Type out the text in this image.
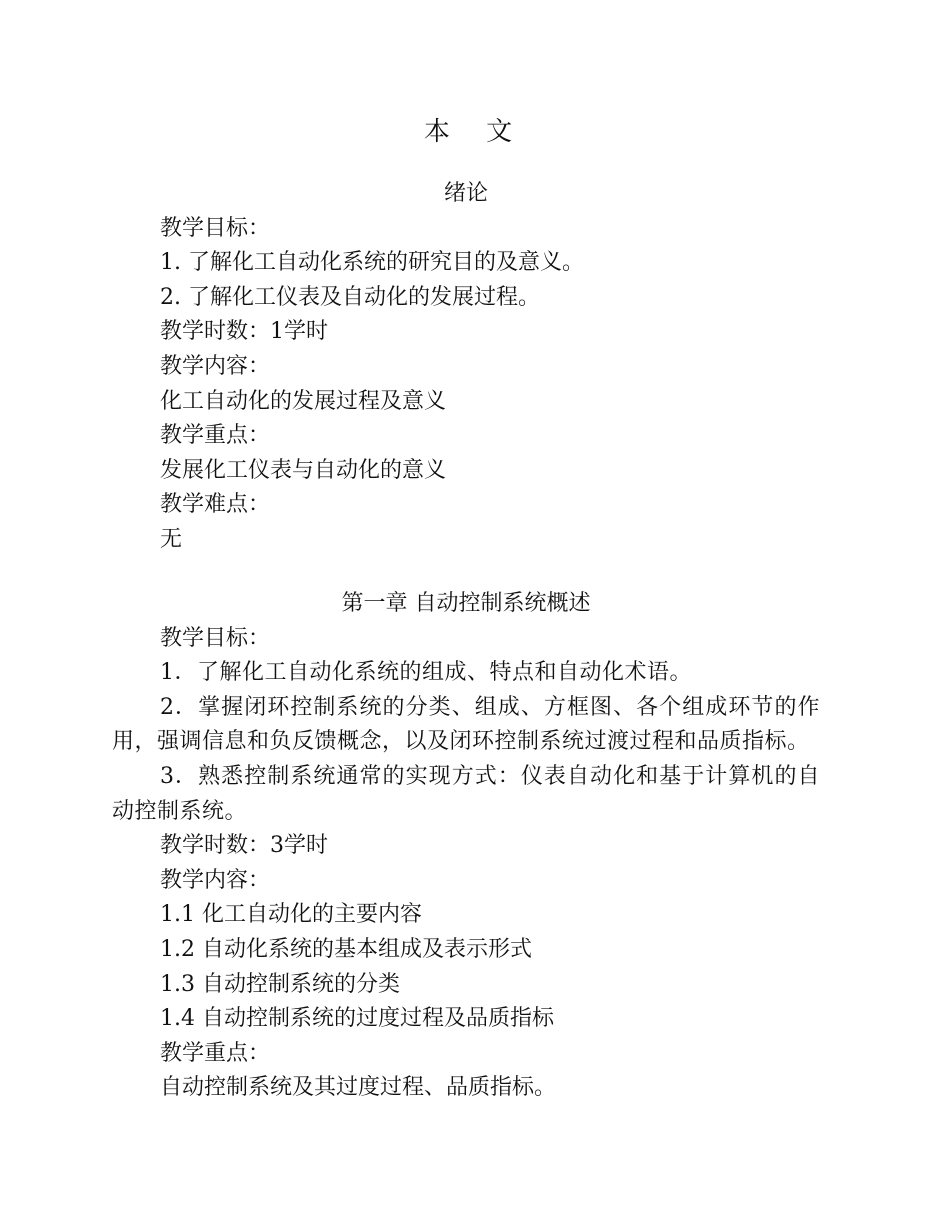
本 文

绪论

教学目标：

1. 了解化工自动化系统的研究目的及意义。

2. 了解化工仪表及自动化的发展过程。

教学时数：1学时

教学内容：

化工自动化的发展过程及意义

教学重点：

发展化工仪表与自动化的意义

教学难点：

无

第一章 自动控制系统概述

教学目标：

1．了解化工自动化系统的组成、特点和自动化术语。

2．掌握闭环控制系统的分类、组成、方框图、各个组成环节的作用，强调信息和负反馈概念，以及闭环控制系统过渡过程和品质指标。

3．熟悉控制系统通常的实现方式：仪表自动化和基于计算机的自动控制系统。

教学时数：3学时

教学内容：

1.1 化工自动化的主要内容

1.2 自动化系统的基本组成及表示形式

1.3 自动控制系统的分类

1.4 自动控制系统的过度过程及品质指标

教学重点：

自动控制系统及其过度过程、品质指标。
